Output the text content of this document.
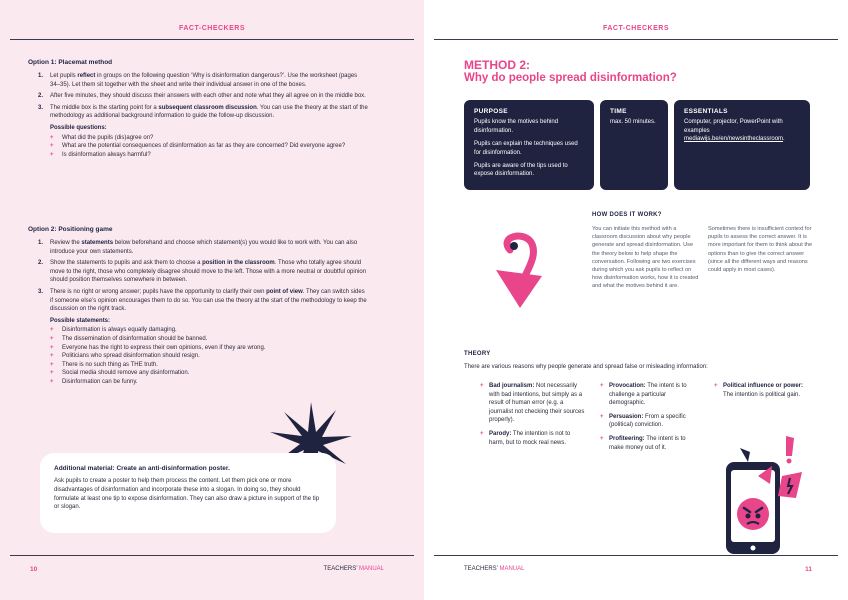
FACT-CHECKERS
Option 1: Placemat method
1.	Let pupils reflect in groups on the following question ‘Why is disinformation dangerous?’. Use the worksheet (pages 34–35). Let them sit together with the sheet and write their individual answer in one of the boxes.
2.	After five minutes, they should discuss their answers with each other and note what they all agree on in the middle box.
3.	The middle box is the starting point for a subsequent classroom discussion. You can use the theory at the start of the methodology as additional background information to guide the follow-up discussion.
Possible questions:
+	What did the pupils (dis)agree on?
+	What are the potential consequences of disinformation as far as they are concerned? Did everyone agree?
+	Is disinformation always harmful?
Option 2: Positioning game
1.	Review the statements below beforehand and choose which statement(s) you would like to work with. You can also introduce your own statements.
2.	Show the statements to pupils and ask them to choose a position in the classroom. Those who totally agree should move to the right, those who completely disagree should move to the left. Those with a more neutral or doubtful opinion should position themselves somewhere in between.
3.	There is no right or wrong answer; pupils have the opportunity to clarify their own point of view. They can switch sides if someone else’s opinion encourages them to do so. You can use the theory at the start of the methodology to keep the discussion on the right track.
Possible statements:
+	Disinformation is always equally damaging.
+	The dissemination of disinformation should be banned.
+	Everyone has the right to express their own opinions, even if they are wrong.
+	Politicians who spread disinformation should resign.
+	There is no such thing as THE truth.
+	Social media should remove any disinformation.
+	Disinformation can be funny.
Additional material: Create an anti-disinformation poster.
Ask pupils to create a poster to help them process the content. Let them pick one or more disadvantages of disinformation and incorporate these into a slogan. In doing so, they should formulate at least one tip to expose disinformation. They can also draw a picture in support of the tip or slogan.
10	TEACHERS’ MANUAL
FACT-CHECKERS
METHOD 2:
Why do people spread disinformation?
PURPOSE

Pupils know the motives behind disinformation.

Pupils can explain the techniques used for disinformation.

Pupils are aware of the tips used to expose disinformation.

TIME

max. 50 minutes.

ESSENTIALS

Computer, projector, PowerPoint with examples mediawijs.be/en/newsintheclassroom.

HOW DOES IT WORK?
You can initiate this method with a classroom discussion about why people generate and spread disinformation. Use the theory below to help shape the conversation. Following are two exercises during which you ask pupils to reflect on how disinformation works, how it is created and what the motives behind it are.
Sometimes there is insufficient context for pupils to assess the correct answer. It is more important for them to think about the options than to give the correct answer (since all the different ways and reasons could apply in most cases).
THEORY
There are various reasons why people generate and spread false or misleading information:
+ Bad journalism: Not necessarily with bad intentions, but simply as a result of human error (e.g. a journalist not checking their sources properly).
+ Parody: The intention is not to harm, but to mock real news.
+ Provocation: The intent is to challenge a particular demographic.
+ Persuasion: From a specific (political) conviction.
+ Profiteering: The intent is to make money out of it.
+ Political influence or power: The intention is political gain.
TEACHERS’ MANUAL	11
